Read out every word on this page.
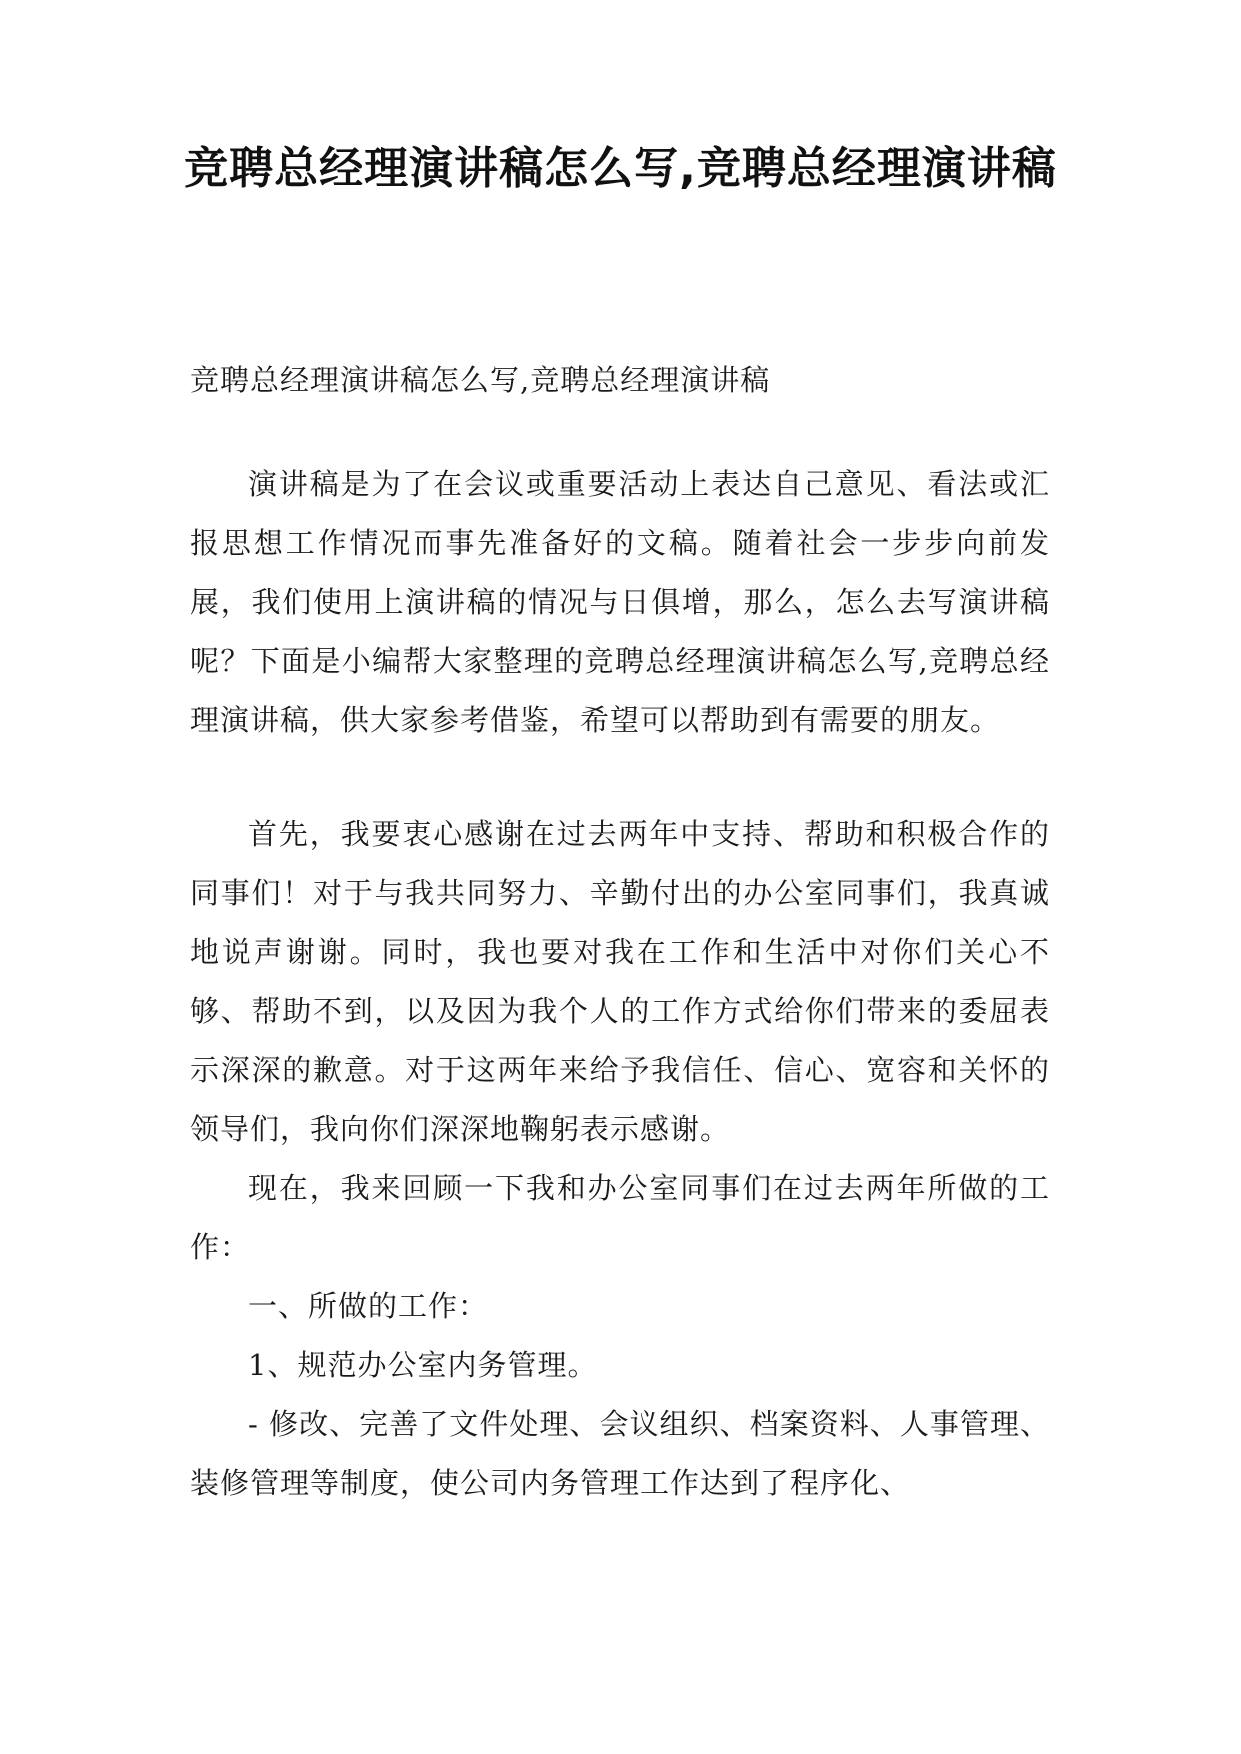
竞聘总经理演讲稿怎么写,竞聘总经理演讲稿

竞聘总经理演讲稿怎么写,竞聘总经理演讲稿

演讲稿是为了在会议或重要活动上表达自己意见、看法或汇报思想工作情况而事先准备好的文稿。随着社会一步步向前发展，我们使用上演讲稿的情况与日俱增，那么，怎么去写演讲稿呢？下面是小编帮大家整理的竞聘总经理演讲稿怎么写,竞聘总经理演讲稿，供大家参考借鉴，希望可以帮助到有需要的朋友。

首先，我要衷心感谢在过去两年中支持、帮助和积极合作的同事们！对于与我共同努力、辛勤付出的办公室同事们，我真诚地说声谢谢。同时，我也要对我在工作和生活中对你们关心不够、帮助不到，以及因为我个人的工作方式给你们带来的委屈表示深深的歉意。对于这两年来给予我信任、信心、宽容和关怀的领导们，我向你们深深地鞠躬表示感谢。

现在，我来回顾一下我和办公室同事们在过去两年所做的工作：

一、所做的工作：

1、规范办公室内务管理。

- 修改、完善了文件处理、会议组织、档案资料、人事管理、装修管理等制度，使公司内务管理工作达到了程序化、
